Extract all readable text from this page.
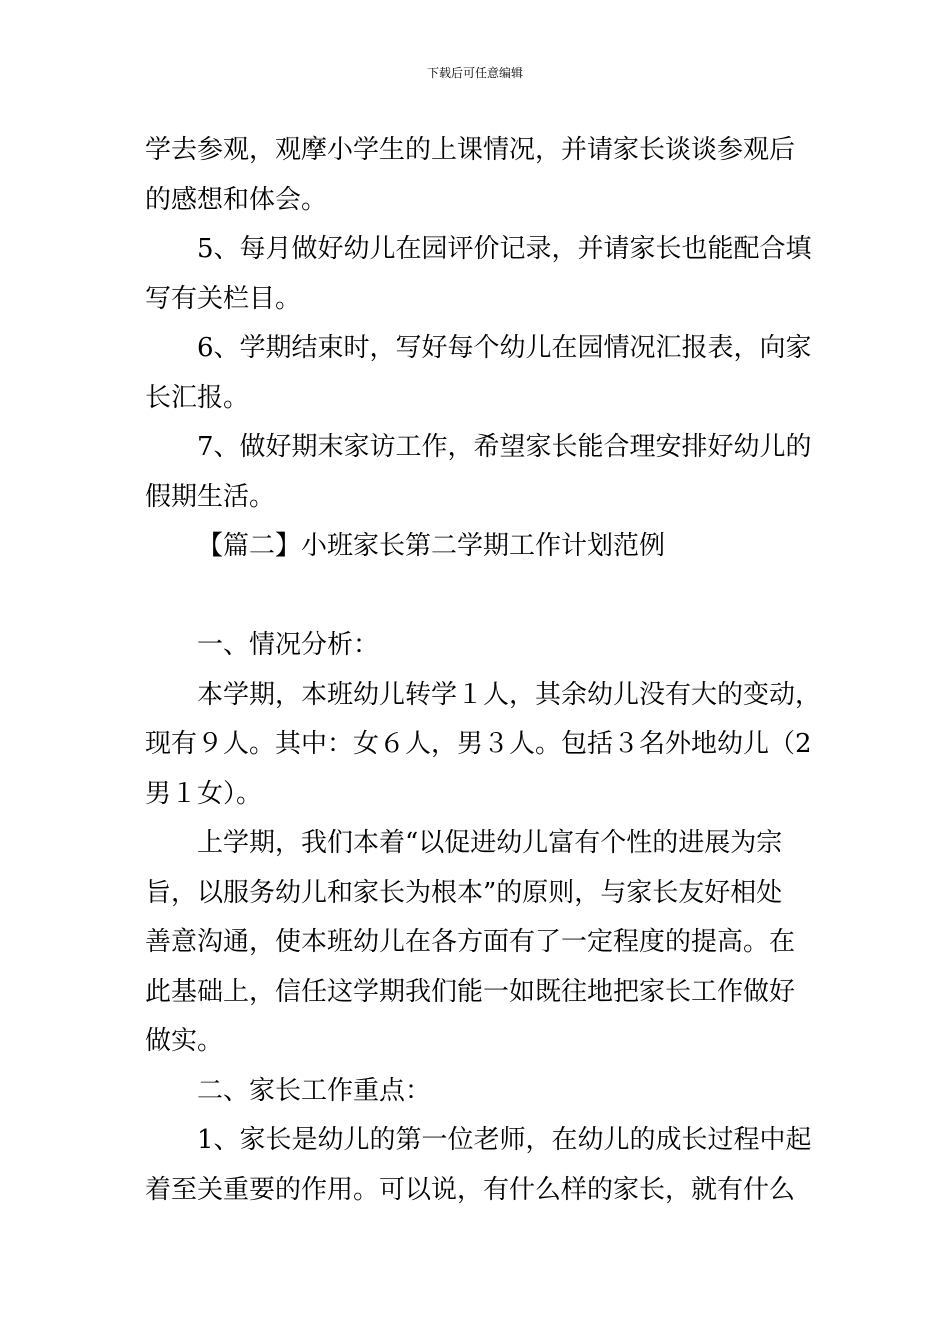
下载后可任意编辑
学去参观，观摩小学生的上课情况，并请家长谈谈参观后
的感想和体会。
5、每月做好幼儿在园评价记录，并请家长也能配合填
写有关栏目。
6、学期结束时，写好每个幼儿在园情况汇报表，向家
长汇报。
7、做好期末家访工作，希望家长能合理安排好幼儿的
假期生活。
【篇二】小班家长第二学期工作计划范例
一、情况分析：
本学期，本班幼儿转学１人，其余幼儿没有大的变动，
现有９人。其中：女６人，男３人。包括３名外地幼儿（2
男１女）。
上学期，我们本着“以促进幼儿富有个性的进展为宗
旨，以服务幼儿和家长为根本”的原则，与家长友好相处
善意沟通，使本班幼儿在各方面有了一定程度的提高。在
此基础上，信任这学期我们能一如既往地把家长工作做好
做实。
二、家长工作重点：
1、家长是幼儿的第一位老师，在幼儿的成长过程中起
着至关重要的作用。可以说，有什么样的家长，就有什么
